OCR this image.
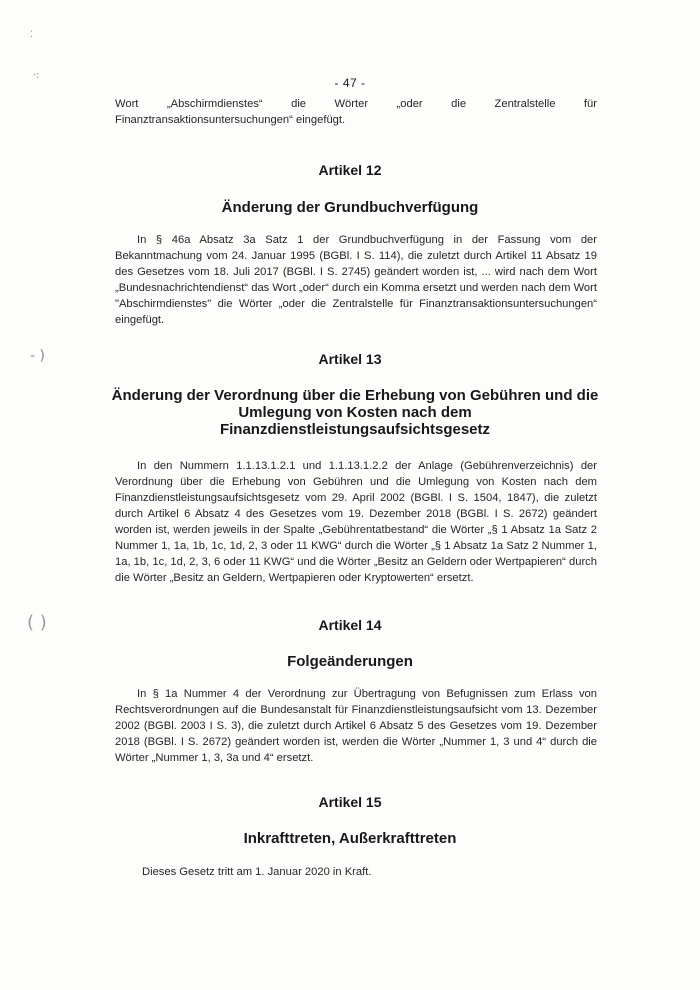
⁚
·:
- )
( )
- 47 -

Wort „Abschirmdienstes“ die Wörter „oder die Zentralstelle für Finanztransaktionsuntersuchungen“ eingefügt.

Artikel 12
Änderung der Grundbuchverfügung

In § 46a Absatz 3a Satz 1 der Grundbuchverfügung in der Fassung vom der Bekanntmachung vom 24. Januar 1995 (BGBl. I S. 114), die zuletzt durch Artikel 11 Absatz 19 des Gesetzes vom 18. Juli 2017 (BGBl. I S. 2745) geändert worden ist, ... wird nach dem Wort „Bundesnachrichtendienst“ das Wort „oder“ durch ein Komma ersetzt und werden nach dem Wort "Abschirmdienstes" die Wörter „oder die Zentralstelle für Finanztransaktionsuntersuchungen“ eingefügt.

Artikel 13
Änderung der Verordnung über die Erhebung von Gebühren und die Umlegung von Kosten nach dem Finanzdienstleistungsaufsichtsgesetz

In den Nummern 1.1.13.1.2.1 und 1.1.13.1.2.2 der Anlage (Gebührenverzeichnis) der Verordnung über die Erhebung von Gebühren und die Umlegung von Kosten nach dem Finanzdienstleistungsaufsichtsgesetz vom 29. April 2002 (BGBl. I S. 1504, 1847), die zuletzt durch Artikel 6 Absatz 4 des Gesetzes vom 19. Dezember 2018 (BGBl. I S. 2672) geändert worden ist, werden jeweils in der Spalte „Gebührentatbestand“ die Wörter „§ 1 Absatz 1a Satz 2 Nummer 1, 1a, 1b, 1c, 1d, 2, 3 oder 11 KWG“ durch die Wörter „§ 1 Absatz 1a Satz 2 Nummer 1, 1a, 1b, 1c, 1d, 2, 3, 6 oder 11 KWG“ und die Wörter „Besitz an Geldern oder Wertpapieren“ durch die Wörter „Besitz an Geldern, Wertpapieren oder Kryptowerten“ ersetzt.

Artikel 14
Folgeänderungen

In § 1a Nummer 4 der Verordnung zur Übertragung von Befugnissen zum Erlass von Rechtsverordnungen auf die Bundesanstalt für Finanzdienstleistungsaufsicht vom 13. Dezember 2002 (BGBl. 2003 I S. 3), die zuletzt durch Artikel 6 Absatz 5 des Gesetzes vom 19. Dezember 2018 (BGBl. I S. 2672) geändert worden ist, werden die Wörter „Nummer 1, 3 und 4“ durch die Wörter „Nummer 1, 3, 3a und 4“ ersetzt.

Artikel 15
Inkrafttreten, Außerkrafttreten

Dieses Gesetz tritt am 1. Januar 2020 in Kraft.
